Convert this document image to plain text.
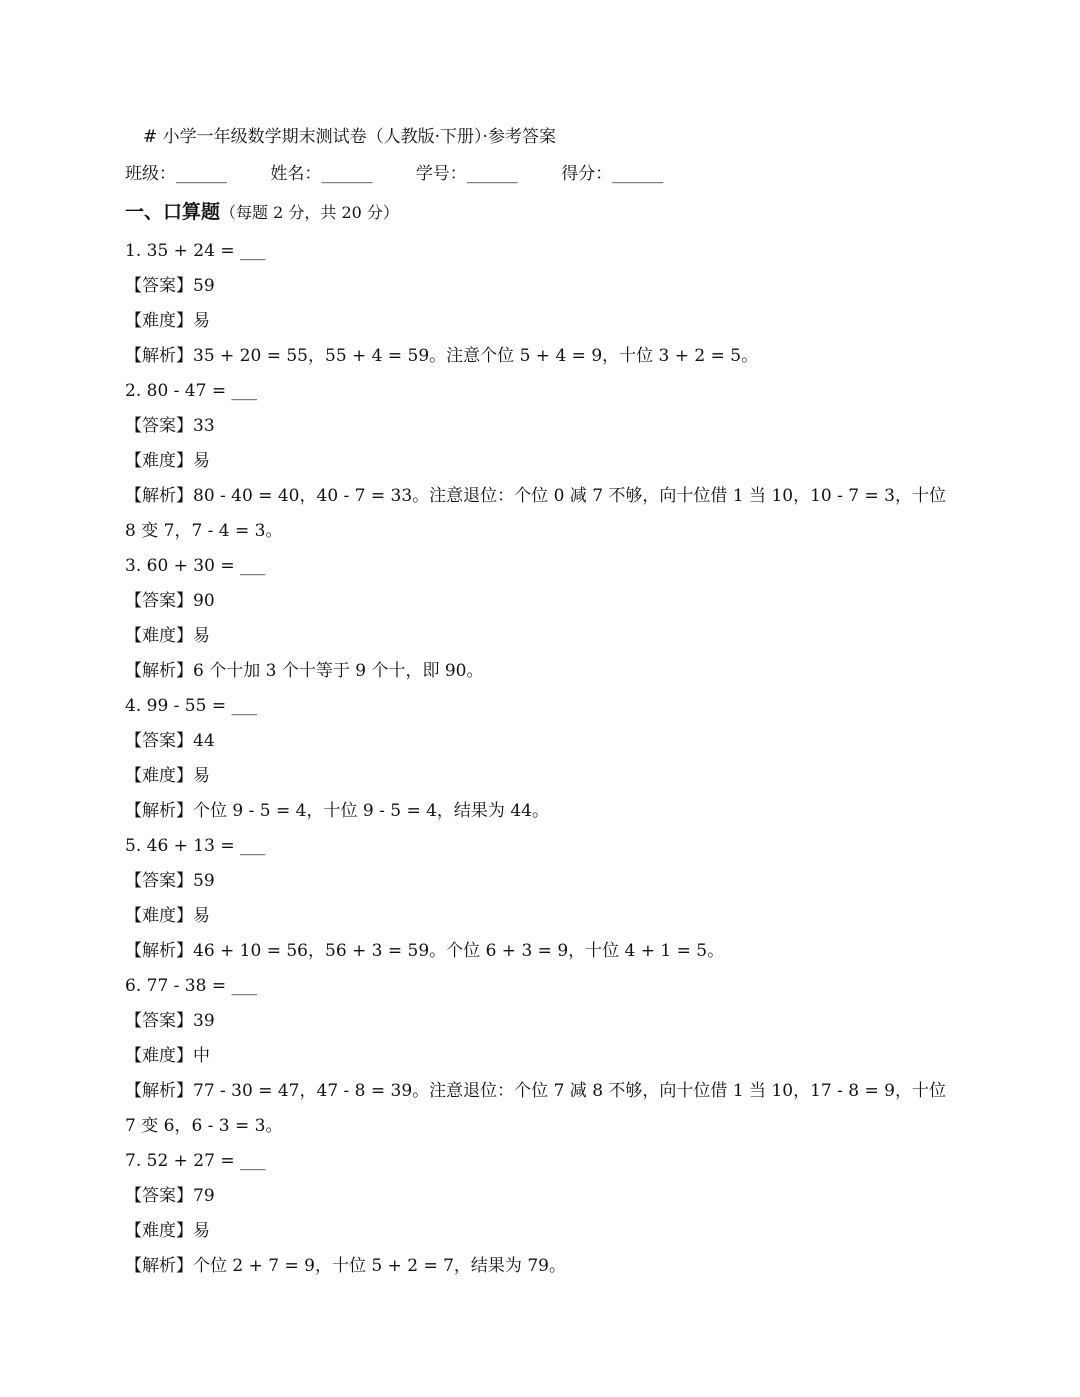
# 小学一年级数学期末测试卷（人教版·下册）·参考答案
班级：______	姓名：______	学号：______	得分：______
一、口算题（每题 2 分，共 20 分）
1. 35 + 24 = ___
【答案】59
【难度】易
【解析】35 + 20 = 55，55 + 4 = 59。注意个位 5 + 4 = 9，十位 3 + 2 = 5。
2. 80 - 47 = ___
【答案】33
【难度】易
【解析】80 - 40 = 40，40 - 7 = 33。注意退位：个位 0 减 7 不够，向十位借 1 当 10，10 - 7 = 3，十位 8 变 7，7 - 4 = 3。
3. 60 + 30 = ___
【答案】90
【难度】易
【解析】6 个十加 3 个十等于 9 个十，即 90。
4. 99 - 55 = ___
【答案】44
【难度】易
【解析】个位 9 - 5 = 4，十位 9 - 5 = 4，结果为 44。
5. 46 + 13 = ___
【答案】59
【难度】易
【解析】46 + 10 = 56，56 + 3 = 59。个位 6 + 3 = 9，十位 4 + 1 = 5。
6. 77 - 38 = ___
【答案】39
【难度】中
【解析】77 - 30 = 47，47 - 8 = 39。注意退位：个位 7 减 8 不够，向十位借 1 当 10，17 - 8 = 9，十位 7 变 6，6 - 3 = 3。
7. 52 + 27 = ___
【答案】79
【难度】易
【解析】个位 2 + 7 = 9，十位 5 + 2 = 7，结果为 79。
